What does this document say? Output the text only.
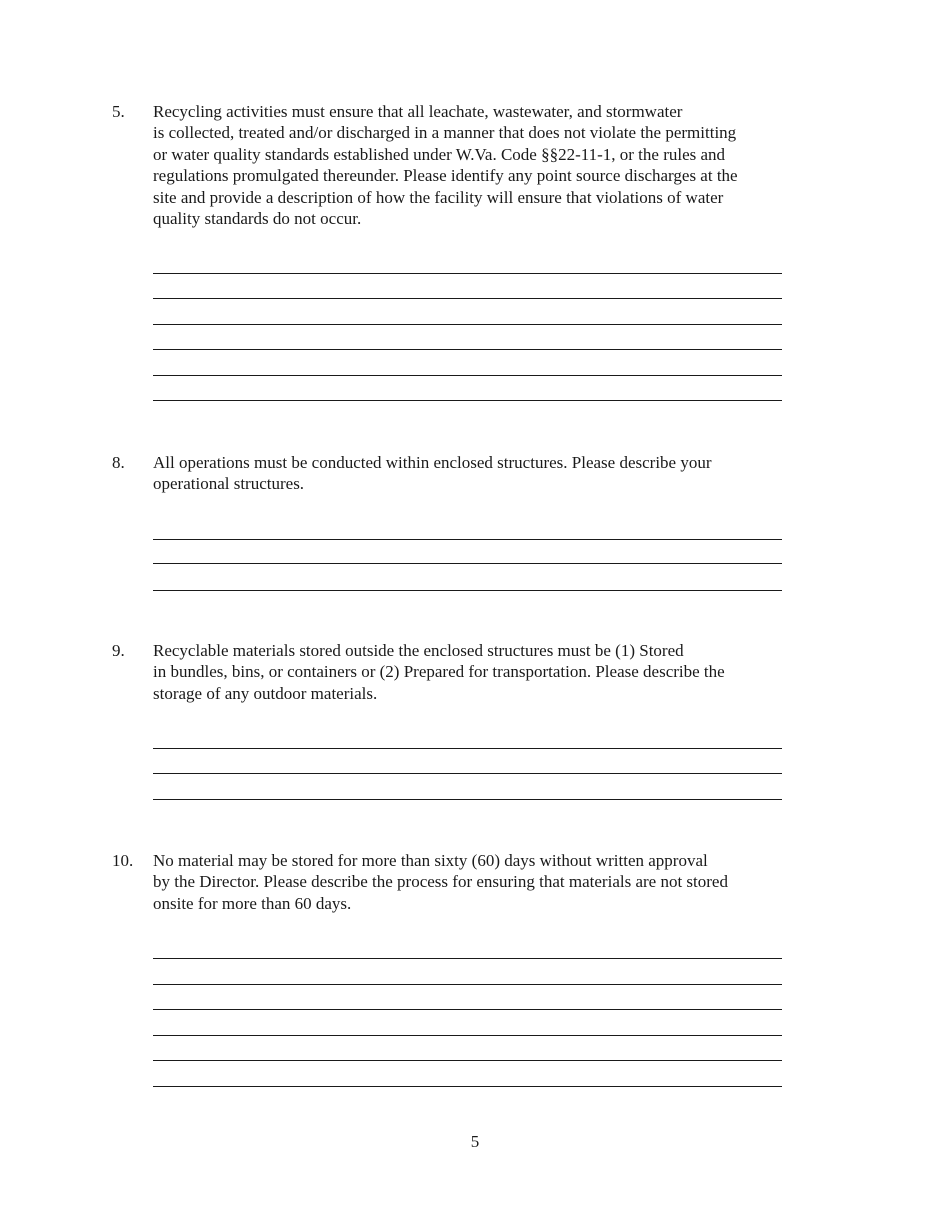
5. Recycling activities must ensure that all leachate, wastewater, and stormwater
is collected, treated and/or discharged in a manner that does not violate the permitting
or water quality standards established under W.Va. Code §§22-11-1, or the rules and
regulations promulgated thereunder. Please identify any point source discharges at the
site and provide a description of how the facility will ensure that violations of water
quality standards do not occur.
8. All operations must be conducted within enclosed structures. Please describe your
operational structures.
9. Recyclable materials stored outside the enclosed structures must be (1) Stored
in bundles, bins, or containers or (2) Prepared for transportation. Please describe the
storage of any outdoor materials.
10. No material may be stored for more than sixty (60) days without written approval
by the Director. Please describe the process for ensuring that materials are not stored
onsite for more than 60 days.
5
